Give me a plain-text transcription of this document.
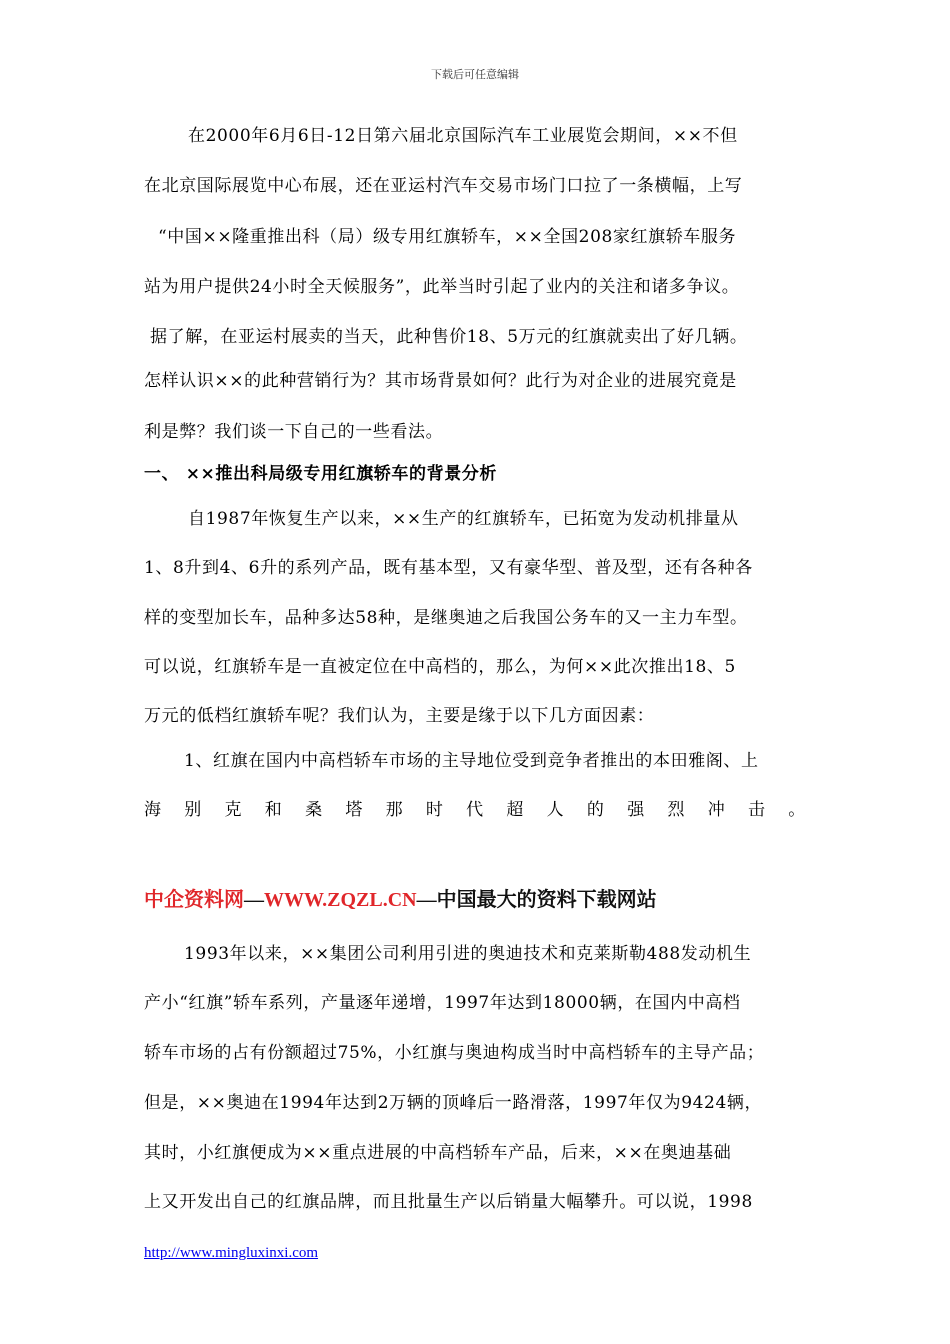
下载后可任意编辑
在2000年6月6日-12日第六届北京国际汽车工业展览会期间，××不但
在北京国际展览中心布展，还在亚运村汽车交易市场门口拉了一条横幅，上写
“中国××隆重推出科（局）级专用红旗轿车，××全国208家红旗轿车服务
站为用户提供24小时全天候服务”，此举当时引起了业内的关注和诸多争议。
据了解，在亚运村展卖的当天，此种售价18、5万元的红旗就卖出了好几辆。
怎样认识××的此种营销行为？其市场背景如何？此行为对企业的进展究竟是
利是弊？我们谈一下自己的一些看法。
一、 ××推出科局级专用红旗轿车的背景分析
自1987年恢复生产以来，××生产的红旗轿车，已拓宽为发动机排量从
1、8升到4、6升的系列产品，既有基本型，又有豪华型、普及型，还有各种各
样的变型加长车，品种多达58种，是继奥迪之后我国公务车的又一主力车型。
可以说，红旗轿车是一直被定位在中高档的，那么，为何××此次推出18、5
万元的低档红旗轿车呢？我们认为，主要是缘于以下几方面因素：
1、红旗在国内中高档轿车市场的主导地位受到竞争者推出的本田雅阁、上
海 别 克 和 桑 塔 那 时 代 超 人 的 强 烈 冲 击 。
中企资料网—WWW.ZQZL.CN—中国最大的资料下载网站
1993年以来，××集团公司利用引进的奥迪技术和克莱斯勒488发动机生
产小“红旗”轿车系列，产量逐年递增，1997年达到18000辆，在国内中高档
轿车市场的占有份额超过75%，小红旗与奥迪构成当时中高档轿车的主导产品；
但是，××奥迪在1994年达到2万辆的顶峰后一路滑落，1997年仅为9424辆，
其时，小红旗便成为××重点进展的中高档轿车产品，后来，××在奥迪基础
上又开发出自己的红旗品牌，而且批量生产以后销量大幅攀升。可以说，1998
http://www.mingluxinxi.com
